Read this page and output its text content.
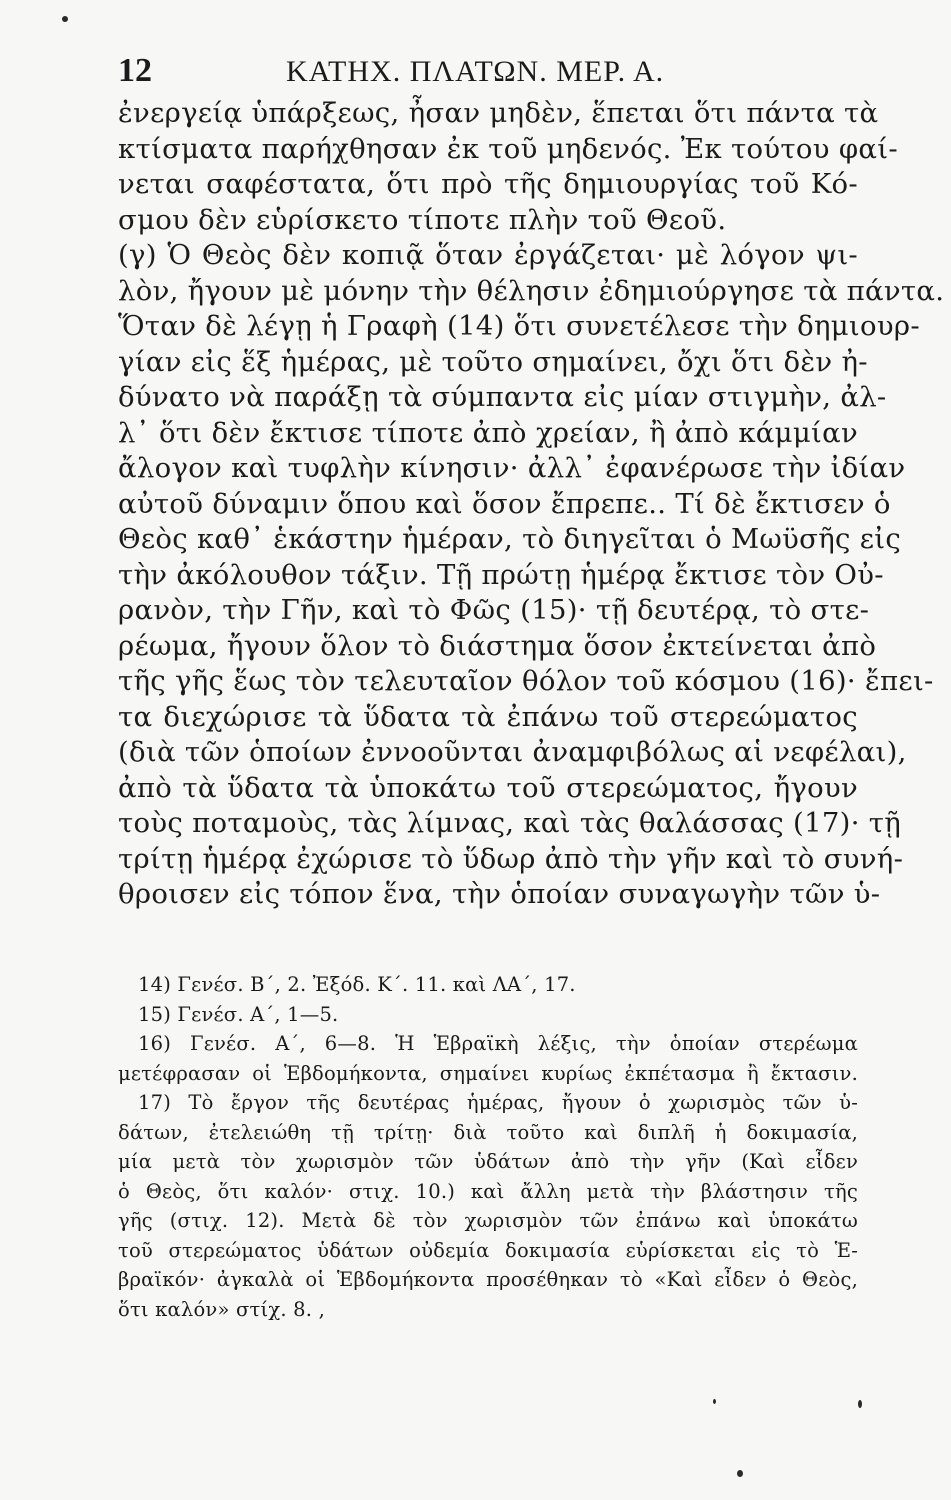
12	ΚΑΤΗΧ. ΠΛΑΤΩΝ. ΜΕΡ. Α.
ἐνεργείᾳ ὑπάρξεως, ἦσαν μηδὲν, ἕπεται ὅτι πάντα τὰ
κτίσματα παρήχθησαν ἐκ τοῦ μηδενός. Ἐκ τούτου φαί-
νεται σαφέστατα, ὅτι πρὸ τῆς δημιουργίας τοῦ Κό-
σμου δὲν εὑρίσκετο τίποτε πλὴν τοῦ Θεοῦ.
(γ) Ὁ Θεὸς δὲν κοπιᾷ ὅταν ἐργάζεται· μὲ λόγον ψι-
λὸν, ἤγουν μὲ μόνην τὴν θέλησιν ἐδημιούργησε τὰ πάντα.
Ὅταν δὲ λέγῃ ἡ Γραφὴ (14) ὅτι συνετέλεσε τὴν δημιουρ-
γίαν εἰς ἕξ ἡμέρας, μὲ τοῦτο σημαίνει, ὄχι ὅτι δὲν ἠ-
δύνατο νὰ παράξῃ τὰ σύμπαντα εἰς μίαν στιγμὴν, ἀλ-
λ᾽ ὅτι δὲν ἔκτισε τίποτε ἀπὸ χρείαν, ἢ ἀπὸ κάμμίαν
ἄλογον καὶ τυφλὴν κίνησιν· ἀλλ᾽ ἐφανέρωσε τὴν ἰδίαν
αὐτοῦ δύναμιν ὅπου καὶ ὅσον ἔπρεπε.. Τί δὲ ἔκτισεν ὁ
Θεὸς καθ᾽ ἑκάστην ἡμέραν, τὸ διηγεῖται ὁ Μωϋσῆς εἰς
τὴν ἀκόλουθον τάξιν. Τῇ πρώτῃ ἡμέρᾳ ἔκτισε τὸν Οὐ-
ρανὸν, τὴν Γῆν, καὶ τὸ Φῶς (15)· τῇ δευτέρᾳ, τὸ στε-
ρέωμα, ἤγουν ὅλον τὸ διάστημα ὅσον ἐκτείνεται ἀπὸ
τῆς γῆς ἕως τὸν τελευταῖον θόλον τοῦ κόσμου (16)· ἔπει-
τα διεχώρισε τὰ ὕδατα τὰ ἐπάνω τοῦ στερεώματος
(διὰ τῶν ὁποίων ἐννοοῦνται ἀναμφιβόλως αἱ νεφέλαι),
ἀπὸ τὰ ὕδατα τὰ ὑποκάτω τοῦ στερεώματος, ἤγουν
τοὺς ποταμοὺς, τὰς λίμνας, καὶ τὰς θαλάσσας (17)· τῇ
τρίτῃ ἡμέρᾳ ἐχώρισε τὸ ὕδωρ ἀπὸ τὴν γῆν καὶ τὸ συνή-
θροισεν εἰς τόπον ἕνα, τὴν ὁποίαν συναγωγὴν τῶν ὑ-
14) Γενέσ. Β΄, 2. Ἐξόδ. Κ΄. 11. καὶ ΛΑ΄, 17.
15) Γενέσ. Α΄, 1—5.
16) Γενέσ. Α΄, 6—8. Ἡ Ἑβραϊκὴ λέξις, τὴν ὁποίαν στερέωμα
μετέφρασαν οἱ Ἑβδομήκοντα, σημαίνει κυρίως ἐκπέτασμα ἢ ἔκτασιν.
17) Τὸ ἔργον τῆς δευτέρας ἡμέρας, ἤγουν ὁ χωρισμὸς τῶν ὑ-
δάτων, ἐτελειώθη τῇ τρίτῃ· διὰ τοῦτο καὶ διπλῆ ἡ δοκιμασία,
μία μετὰ τὸν χωρισμὸν τῶν ὑδάτων ἀπὸ τὴν γῆν (Καὶ εἶδεν
ὁ Θεὸς, ὅτι καλόν· στιχ. 10.) καὶ ἄλλη μετὰ τὴν βλάστησιν τῆς
γῆς (στιχ. 12). Μετὰ δὲ τὸν χωρισμὸν τῶν ἐπάνω καὶ ὑποκάτω
τοῦ στερεώματος ὑδάτων οὐδεμία δοκιμασία εὑρίσκεται εἰς τὸ Ἑ-
βραϊκόν· ἀγκαλὰ οἱ Ἑβδομήκοντα προσέθηκαν τὸ «Καὶ εἶδεν ὁ Θεὸς,
ὅτι καλόν» στίχ. 8. ,
